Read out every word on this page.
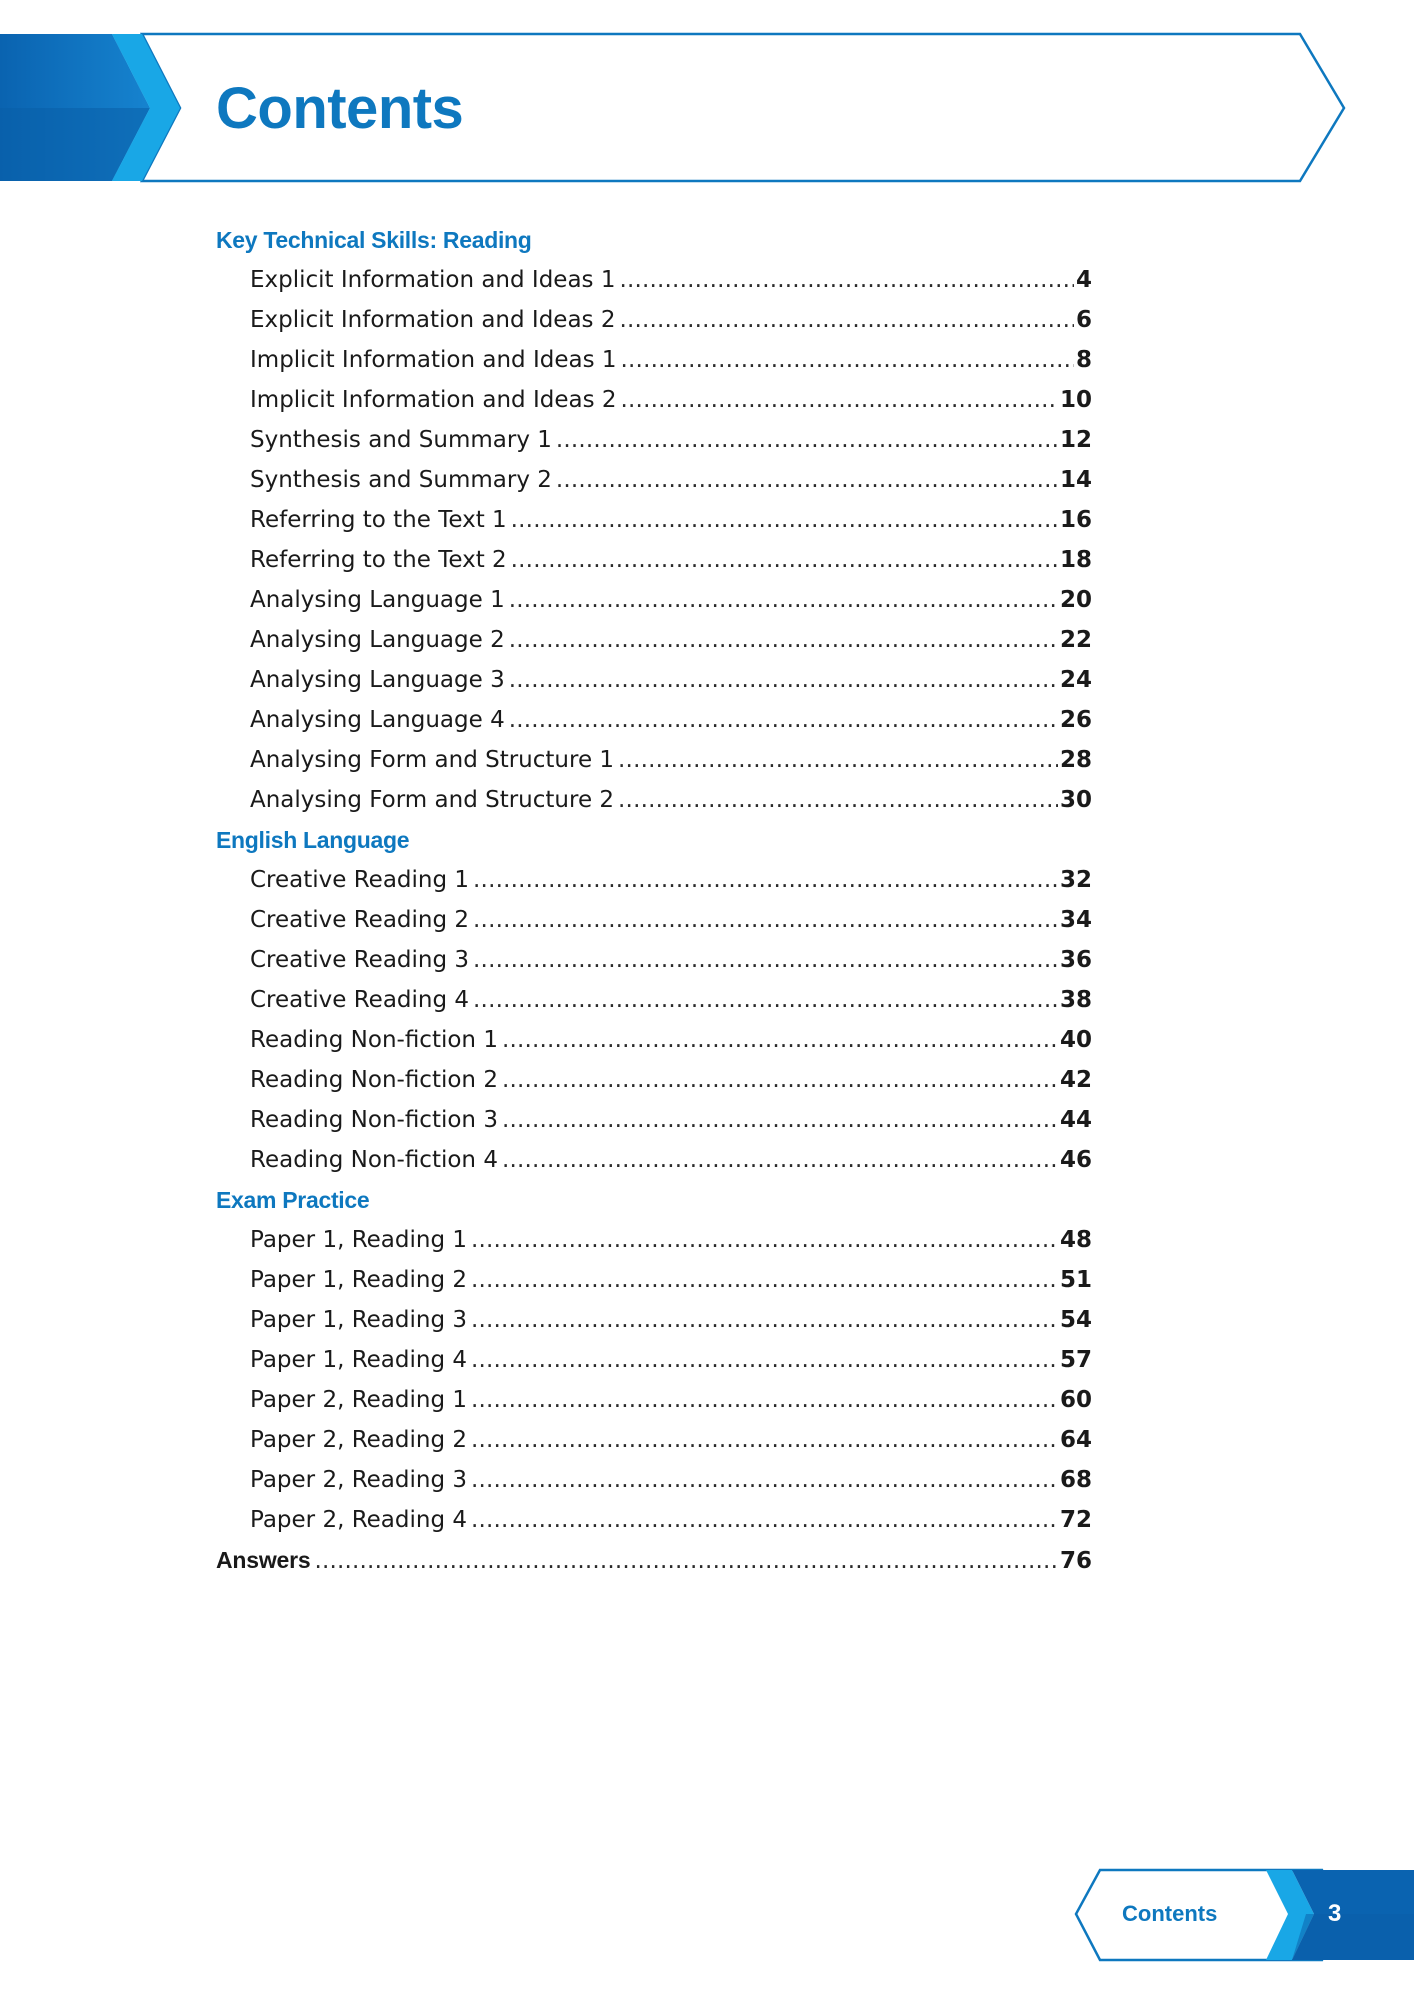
Contents
Key Technical Skills: Reading
Explicit Information and Ideas 1 .....	4
Explicit Information and Ideas 2 .....	6
Implicit Information and Ideas 1 .....	8
Implicit Information and Ideas 2 .....	10
Synthesis and Summary 1 .....	12
Synthesis and Summary 2 .....	14
Referring to the Text 1 .....	16
Referring to the Text 2 .....	18
Analysing Language 1 .....	20
Analysing Language 2 .....	22
Analysing Language 3 .....	24
Analysing Language 4 .....	26
Analysing Form and Structure 1 .....	28
Analysing Form and Structure 2 .....	30
English Language
Creative Reading 1 .....	32
Creative Reading 2 .....	34
Creative Reading 3 .....	36
Creative Reading 4 .....	38
Reading Non-fiction 1 .....	40
Reading Non-fiction 2 .....	42
Reading Non-fiction 3 .....	44
Reading Non-fiction 4 .....	46
Exam Practice
Paper 1, Reading 1 .....	48
Paper 1, Reading 2 .....	51
Paper 1, Reading 3 .....	54
Paper 1, Reading 4 .....	57
Paper 2, Reading 1 .....	60
Paper 2, Reading 2 .....	64
Paper 2, Reading 3 .....	68
Paper 2, Reading 4 .....	72
Answers .....	76
Contents	3
